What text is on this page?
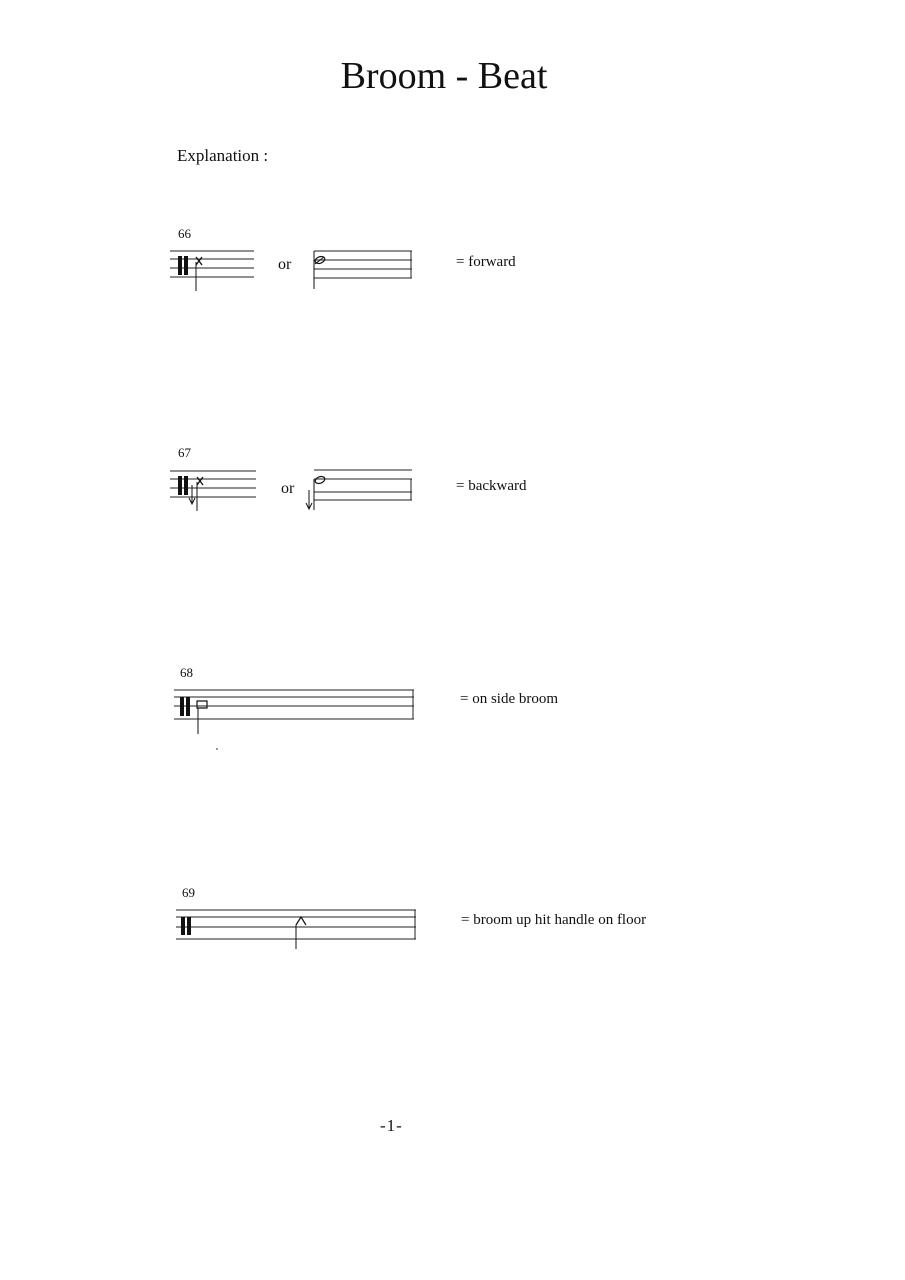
Broom - Beat
Explanation :
66
or	= forward
67
or	= backward
68
= on side broom
69
= broom up hit handle on floor
-1-
